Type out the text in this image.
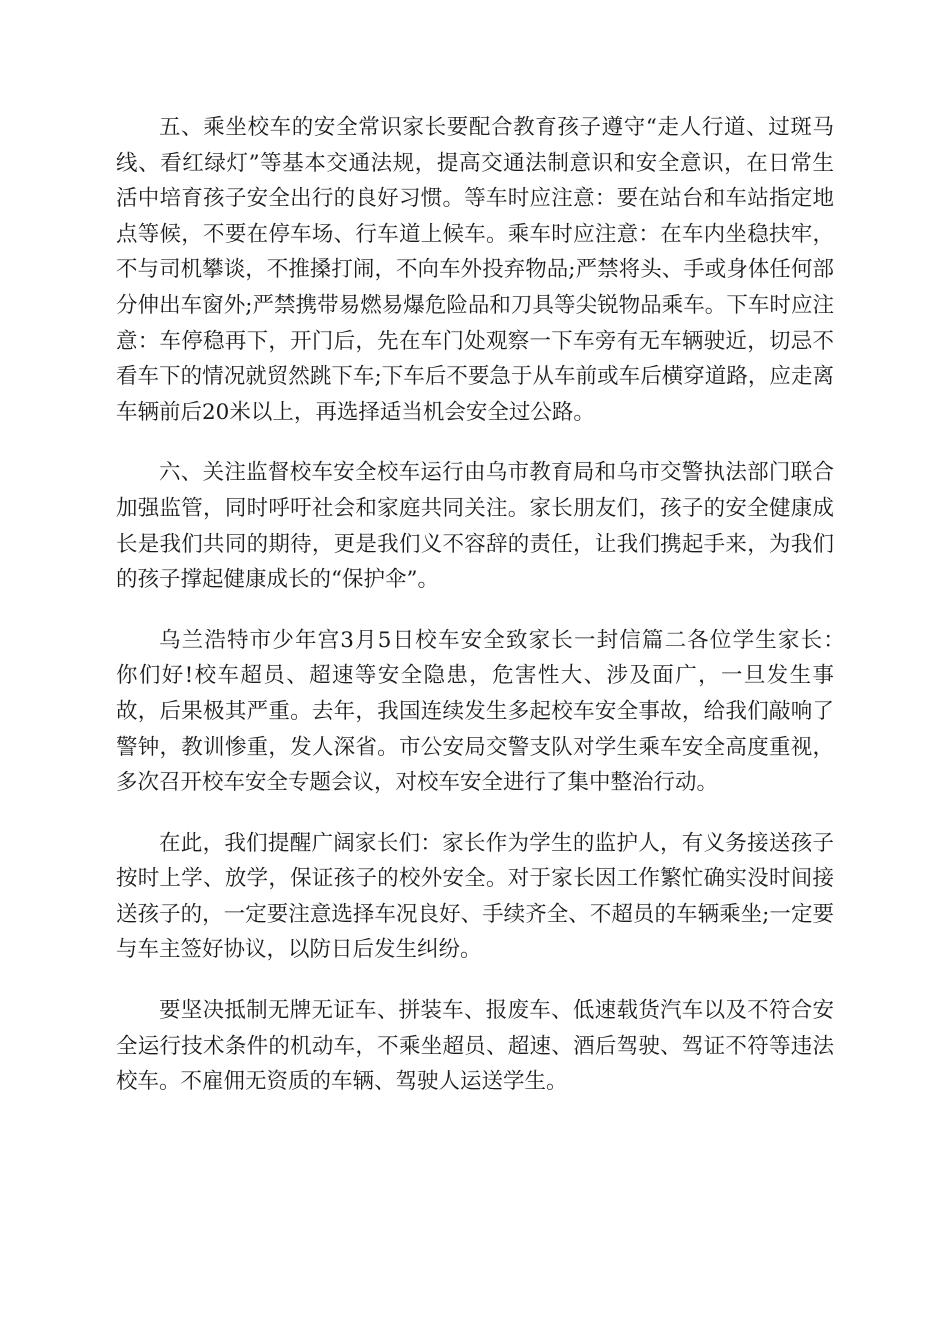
五、乘坐校车的安全常识家长要配合教育孩子遵守“走人行道、过斑马线、看红绿灯”等基本交通法规，提高交通法制意识和安全意识，在日常生活中培育孩子安全出行的良好习惯。等车时应注意：要在站台和车站指定地点等候，不要在停车场、行车道上候车。乘车时应注意：在车内坐稳扶牢，不与司机攀谈，不推搡打闹，不向车外投弃物品;严禁将头、手或身体任何部分伸出车窗外;严禁携带易燃易爆危险品和刀具等尖锐物品乘车。下车时应注意：车停稳再下，开门后，先在车门处观察一下车旁有无车辆驶近，切忌不看车下的情况就贸然跳下车;下车后不要急于从车前或车后横穿道路，应走离车辆前后20米以上，再选择适当机会安全过公路。

六、关注监督校车安全校车运行由乌市教育局和乌市交警执法部门联合加强监管，同时呼吁社会和家庭共同关注。家长朋友们，孩子的安全健康成长是我们共同的期待，更是我们义不容辞的责任，让我们携起手来，为我们的孩子撑起健康成长的“保护伞”。

乌兰浩特市少年宫3月5日校车安全致家长一封信篇二各位学生家长：　你们好!校车超员、超速等安全隐患，危害性大、涉及面广，一旦发生事故，后果极其严重。去年，我国连续发生多起校车安全事故，给我们敲响了警钟，教训惨重，发人深省。市公安局交警支队对学生乘车安全高度重视，多次召开校车安全专题会议，对校车安全进行了集中整治行动。

在此，我们提醒广阔家长们：家长作为学生的监护人，有义务接送孩子按时上学、放学，保证孩子的校外安全。对于家长因工作繁忙确实没时间接送孩子的，一定要注意选择车况良好、手续齐全、不超员的车辆乘坐;一定要与车主签好协议，以防日后发生纠纷。

要坚决抵制无牌无证车、拼装车、报废车、低速载货汽车以及不符合安全运行技术条件的机动车，不乘坐超员、超速、酒后驾驶、驾证不符等违法校车。不雇佣无资质的车辆、驾驶人运送学生。
